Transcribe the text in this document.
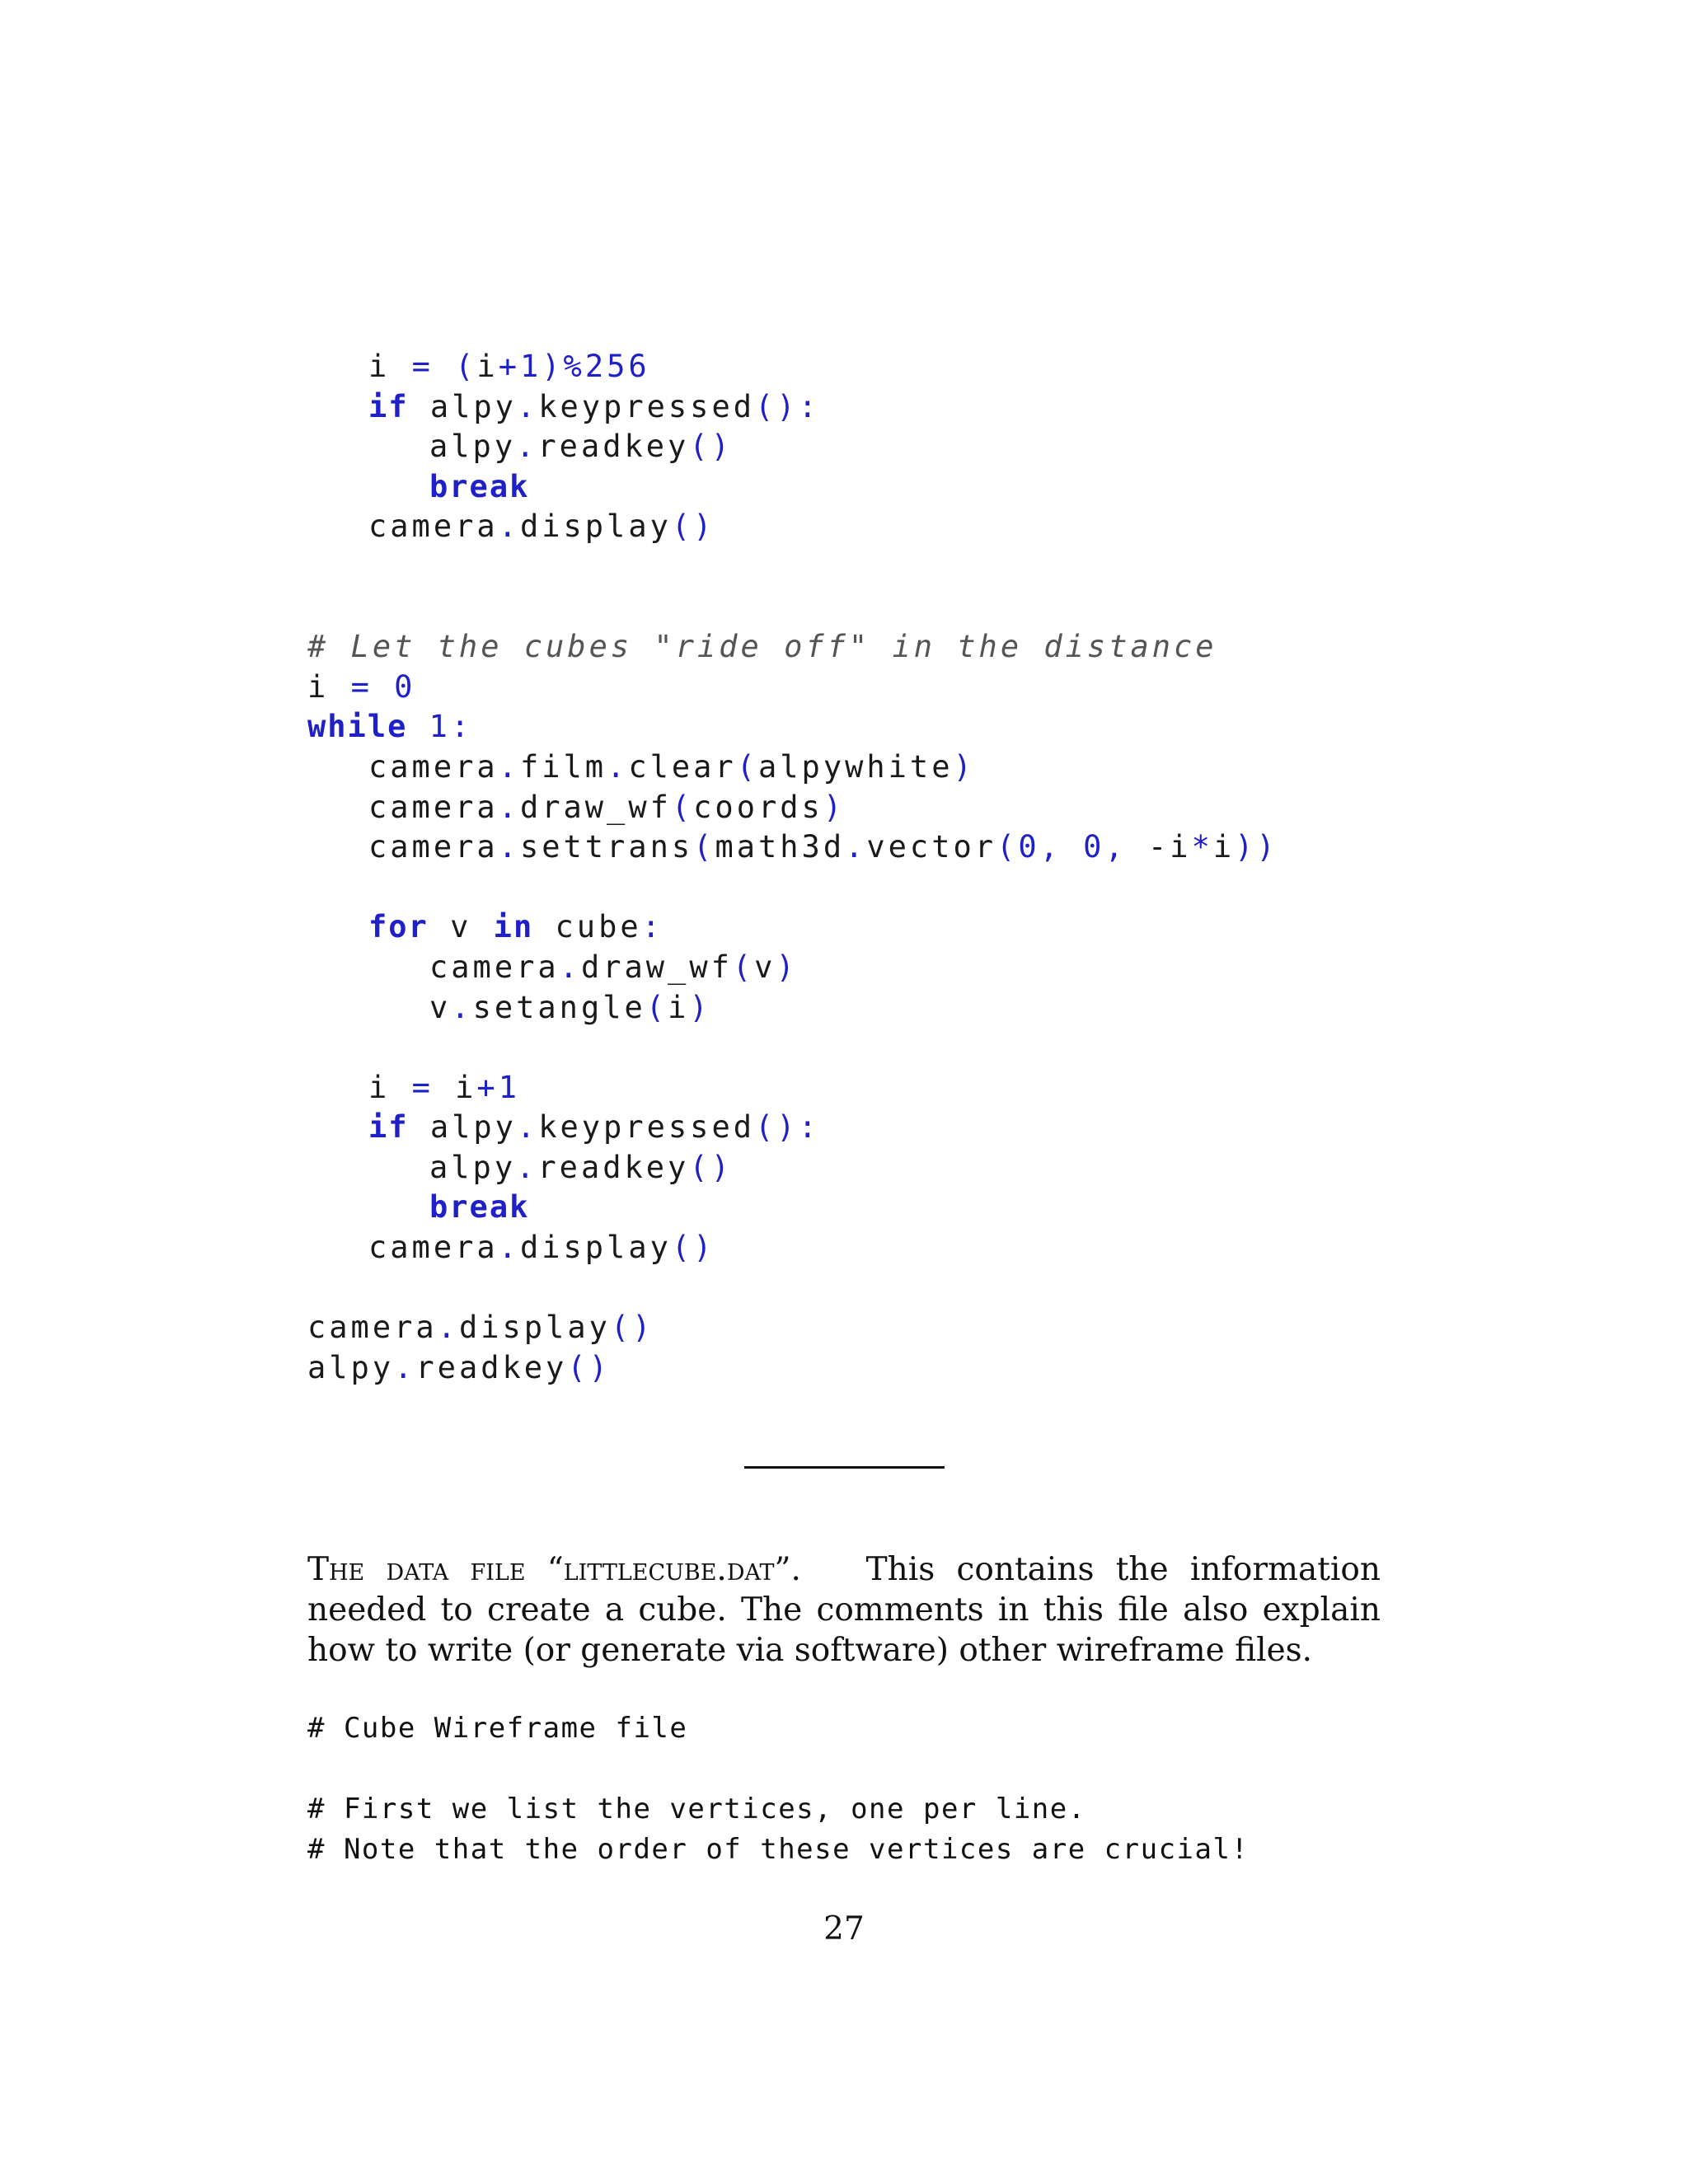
i = (i+1)%256
if alpy.keypressed():
alpy.readkey()
break
camera.display()

# Let the cubes "ride off" in the distance
i = 0
while 1:
camera.film.clear(alpywhite)
camera.draw_wf(coords)
camera.settrans(math3d.vector(0, 0, -i*i))

for v in cube:
camera.draw_wf(v)
v.setangle(i)

i = i+1
if alpy.keypressed():
alpy.readkey()
break
camera.display()

camera.display()
alpy.readkey()
The data file “littlecube.dat”. This contains the information needed to create a cube. The comments in this file also explain how to write (or generate via software) other wireframe files.
# Cube Wireframe file

# First we list the vertices, one per line.
# Note that the order of these vertices are crucial!
27
